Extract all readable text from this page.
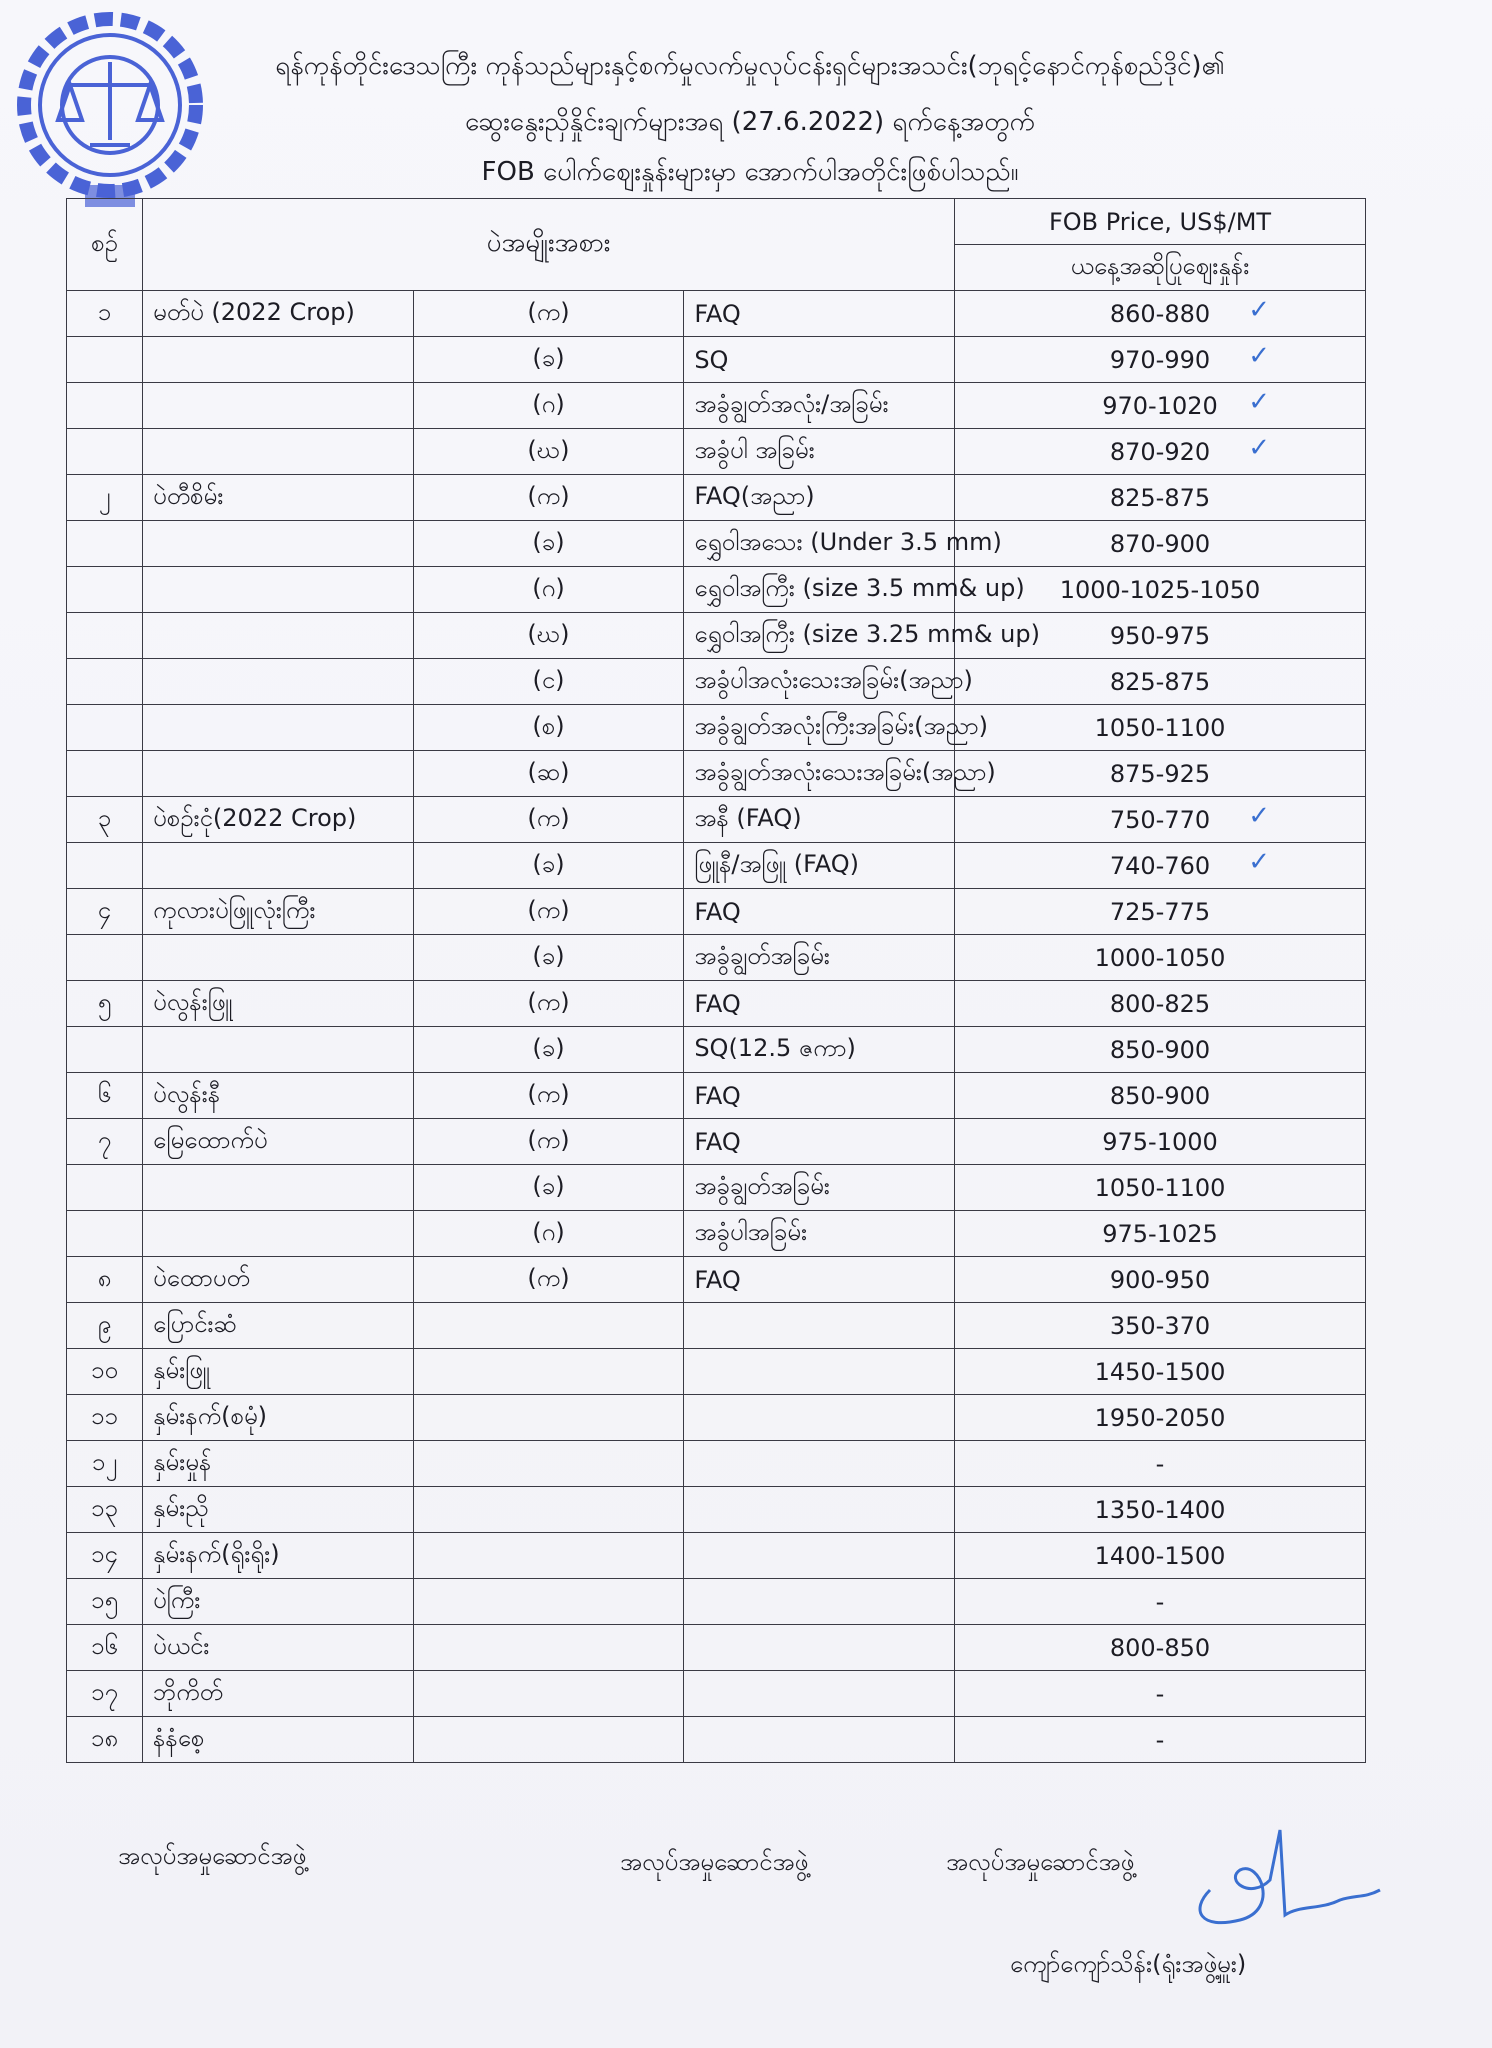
ရန်ကုန်တိုင်းဒေသကြီး ကုန်သည်များနှင့်စက်မှုလက်မှုလုပ်ငန်းရှင်များအသင်း(ဘုရင့်နောင်ကုန်စည်ဒိုင်)၏
ဆွေးနွေးညှိနှိုင်းချက်များအရ (27.6.2022) ရက်နေ့အတွက်
FOB ပေါက်ဈေးနှုန်းများမှာ အောက်ပါအတိုင်းဖြစ်ပါသည်။
စဉ်	ပဲအမျိုးအစား			FOB Price, US$/MT
				ယနေ့အဆိုပြုဈေးနှုန်း
၁	မတ်ပဲ (2022 Crop)	(က)	FAQ	860-880 ✓

		(ခ)	SQ	970-990 ✓

		(ဂ)	အခွံချွတ်အလုံး/အခြမ်း	970-1020 ✓

		(ဃ)	အခွံပါ အခြမ်း	870-920 ✓

၂	ပဲတီစိမ်း	(က)	FAQ(အညာ)	825-875
		(ခ)	ရွှေဝါအသေး (Under 3.5 mm)	870-900
		(ဂ)	ရွှေဝါအကြီး (size 3.5 mm& up)	1000-1025-1050
		(ဃ)	ရွှေဝါအကြီး (size 3.25 mm& up)	950-975
		(င)	အခွံပါအလုံးသေးအခြမ်း(အညာ)	825-875
		(စ)	အခွံချွတ်အလုံးကြီးအခြမ်း(အညာ)	1050-1100
		(ဆ)	အခွံချွတ်အလုံးသေးအခြမ်း(အညာ)	875-925
၃	ပဲစဉ်းငုံ(2022 Crop)	(က)	အနီ (FAQ)	750-770 ✓

		(ခ)	ဖြူနီ/အဖြူ (FAQ)	740-760 ✓

၄	ကုလားပဲဖြူလုံးကြီး	(က)	FAQ	725-775
		(ခ)	အခွံချွတ်အခြမ်း	1000-1050
၅	ပဲလွန်းဖြူ	(က)	FAQ	800-825
		(ခ)	SQ(12.5 ဇကာ)	850-900
၆	ပဲလွန်းနီ	(က)	FAQ	850-900
၇	မြေထောက်ပဲ	(က)	FAQ	975-1000
		(ခ)	အခွံချွတ်အခြမ်း	1050-1100
		(ဂ)	အခွံပါအခြမ်း	975-1025
၈	ပဲထောပတ်	(က)	FAQ	900-950
၉	ပြောင်းဆံ			350-370
၁၀	နှမ်းဖြူ			1450-1500
၁၁	နှမ်းနက်(စမုံ)			1950-2050
၁၂	နှမ်းမှုန်			-
၁၃	နှမ်းညို			1350-1400
၁၄	နှမ်းနက်(ရိုးရိုး)			1400-1500
၁၅	ပဲကြီး			-
၁၆	ပဲယင်း			800-850
၁၇	ဘိုကိတ်			-
၁၈	နံနံစေ့			-
အလုပ်အမှုဆောင်အဖွဲ့	အလုပ်အမှုဆောင်အဖွဲ့	အလုပ်အမှုဆောင်အဖွဲ့
ကျော်ကျော်သိန်း(ရုံးအဖွဲ့မှူး)
